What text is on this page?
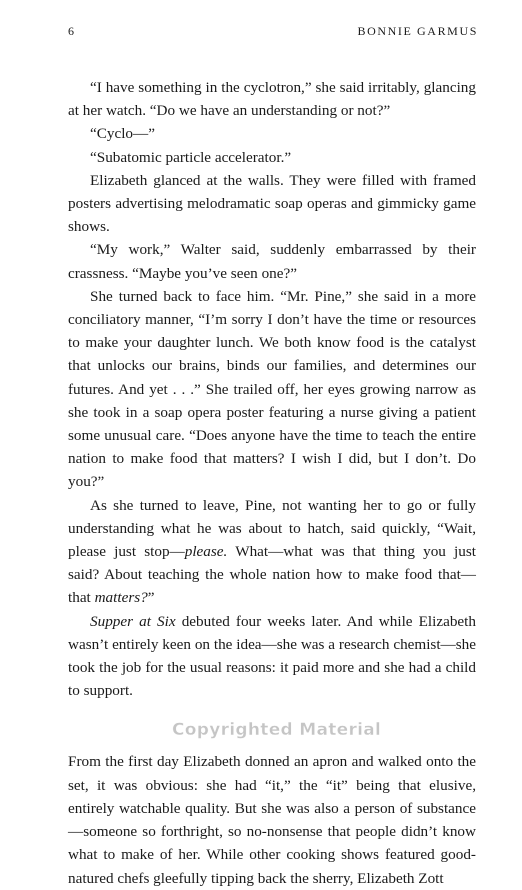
6	BONNIE GARMUS

“I have something in the cyclotron,” she said irritably, glancing at her watch. “Do we have an understanding or not?”

“Cyclo—”

“Subatomic particle accelerator.”

Elizabeth glanced at the walls. They were filled with framed posters advertising melodramatic soap operas and gimmicky game shows.

“My work,” Walter said, suddenly embarrassed by their crassness. “Maybe you’ve seen one?”

She turned back to face him. “Mr. Pine,” she said in a more conciliatory manner, “I’m sorry I don’t have the time or resources to make your daughter lunch. We both know food is the catalyst that unlocks our brains, binds our families, and determines our futures. And yet . . .” She trailed off, her eyes growing narrow as she took in a soap opera poster featuring a nurse giving a patient some unusual care. “Does anyone have the time to teach the entire nation to make food that matters? I wish I did, but I don’t. Do you?”

As she turned to leave, Pine, not wanting her to go or fully understanding what he was about to hatch, said quickly, “Wait, please just stop—please. What—what was that thing you just said? About teaching the whole nation how to make food that—that matters?”

Supper at Six debuted four weeks later. And while Elizabeth wasn’t entirely keen on the idea—she was a research chemist—she took the job for the usual reasons: it paid more and she had a child to support.

From the first day Elizabeth donned an apron and walked onto the set, it was obvious: she had “it,” the “it” being that elusive, entirely watchable quality. But she was also a person of substance—someone so forthright, so no-nonsense that people didn’t know what to make of her. While other cooking shows featured good-natured chefs gleefully tipping back the sherry, Elizabeth Zott

Copyrighted Material
